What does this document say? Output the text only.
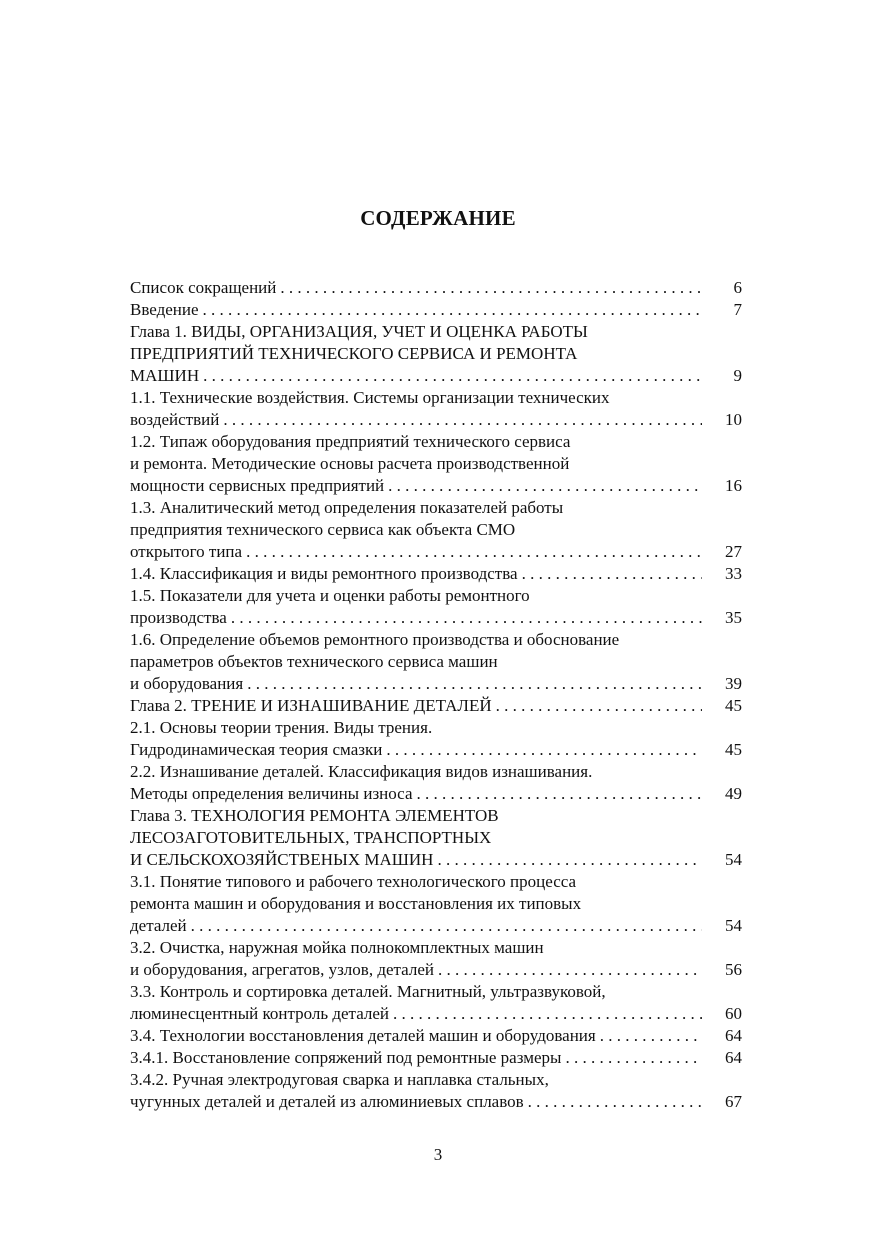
СОДЕРЖАНИЕ
Список сокращений . . .	6
Введение . . .	7
Глава 1. ВИДЫ, ОРГАНИЗАЦИЯ, УЧЕТ И ОЦЕНКА РАБОТЫ
ПРЕДПРИЯТИЙ ТЕХНИЧЕСКОГО СЕРВИСА И РЕМОНТА
МАШИН . . .	9
1.1. Технические воздействия. Системы организации технических
воздействий . . .	10
1.2. Типаж оборудования предприятий технического сервиса
и ремонта. Методические основы расчета производственной
мощности сервисных предприятий . . .	16
1.3. Аналитический метод определения показателей работы
предприятия технического сервиса как объекта СМО
открытого типа . . .	27
1.4. Классификация и виды ремонтного производства . . .	33
1.5. Показатели для учета и оценки работы ремонтного
производства . . .	35
1.6. Определение объемов ремонтного производства и обоснование
параметров объектов технического сервиса машин
и оборудования . . .	39
Глава 2. ТРЕНИЕ И ИЗНАШИВАНИЕ ДЕТАЛЕЙ . . .	45
2.1. Основы теории трения. Виды трения.
Гидродинамическая теория смазки . . .	45
2.2. Изнашивание деталей. Классификация видов изнашивания.
Методы определения величины износа . . .	49
Глава 3. ТЕХНОЛОГИЯ РЕМОНТА ЭЛЕМЕНТОВ
ЛЕСОЗАГОТОВИТЕЛЬНЫХ, ТРАНСПОРТНЫХ
И СЕЛЬСКОХОЗЯЙСТВЕНЫХ МАШИН . . .	54
3.1. Понятие типового и рабочего технологического процесса
ремонта машин и оборудования и восстановления их типовых
деталей . . .	54
3.2. Очистка, наружная мойка полнокомплектных машин
и оборудования, агрегатов, узлов, деталей . . .	56
3.3. Контроль и сортировка деталей. Магнитный, ультразвуковой,
люминесцентный контроль деталей . . .	60
3.4. Технологии восстановления деталей машин и оборудования . . .	64
3.4.1. Восстановление сопряжений под ремонтные размеры . . .	64
3.4.2. Ручная электродуговая сварка и наплавка стальных,
чугунных деталей и деталей из алюминиевых сплавов . . .	67
3
